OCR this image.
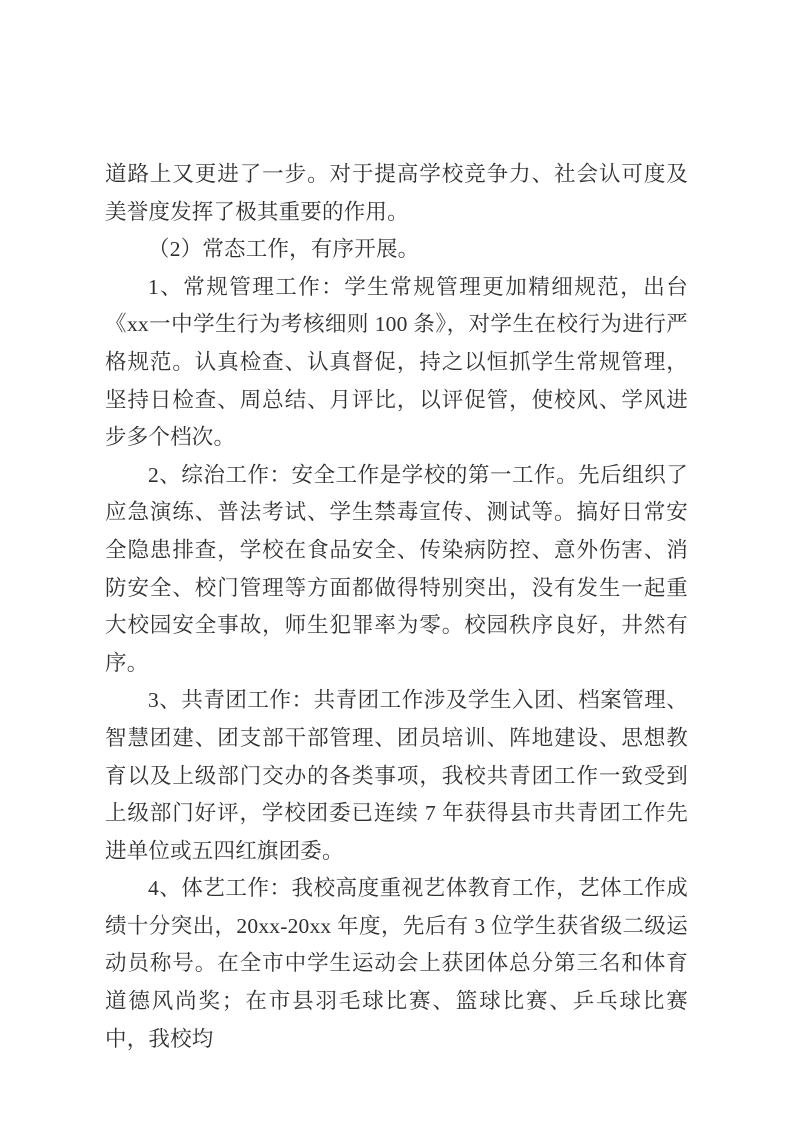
道路上又更进了一步。对于提高学校竞争力、社会认可度及美誉度发挥了极其重要的作用。

（2）常态工作，有序开展。

1、常规管理工作：学生常规管理更加精细规范，出台《xx一中学生行为考核细则 100 条》，对学生在校行为进行严格规范。认真检查、认真督促，持之以恒抓学生常规管理，坚持日检查、周总结、月评比，以评促管，使校风、学风进步多个档次。

2、综治工作：安全工作是学校的第一工作。先后组织了应急演练、普法考试、学生禁毒宣传、测试等。搞好日常安全隐患排查，学校在食品安全、传染病防控、意外伤害、消防安全、校门管理等方面都做得特别突出，没有发生一起重大校园安全事故，师生犯罪率为零。校园秩序良好，井然有序。

3、共青团工作：共青团工作涉及学生入团、档案管理、智慧团建、团支部干部管理、团员培训、阵地建设、思想教育以及上级部门交办的各类事项，我校共青团工作一致受到上级部门好评，学校团委已连续 7 年获得县市共青团工作先进单位或五四红旗团委。

4、体艺工作：我校高度重视艺体教育工作，艺体工作成绩十分突出，20xx-20xx 年度，先后有 3 位学生获省级二级运动员称号。在全市中学生运动会上获团体总分第三名和体育道德风尚奖；在市县羽毛球比赛、篮球比赛、乒乓球比赛中，我校均
